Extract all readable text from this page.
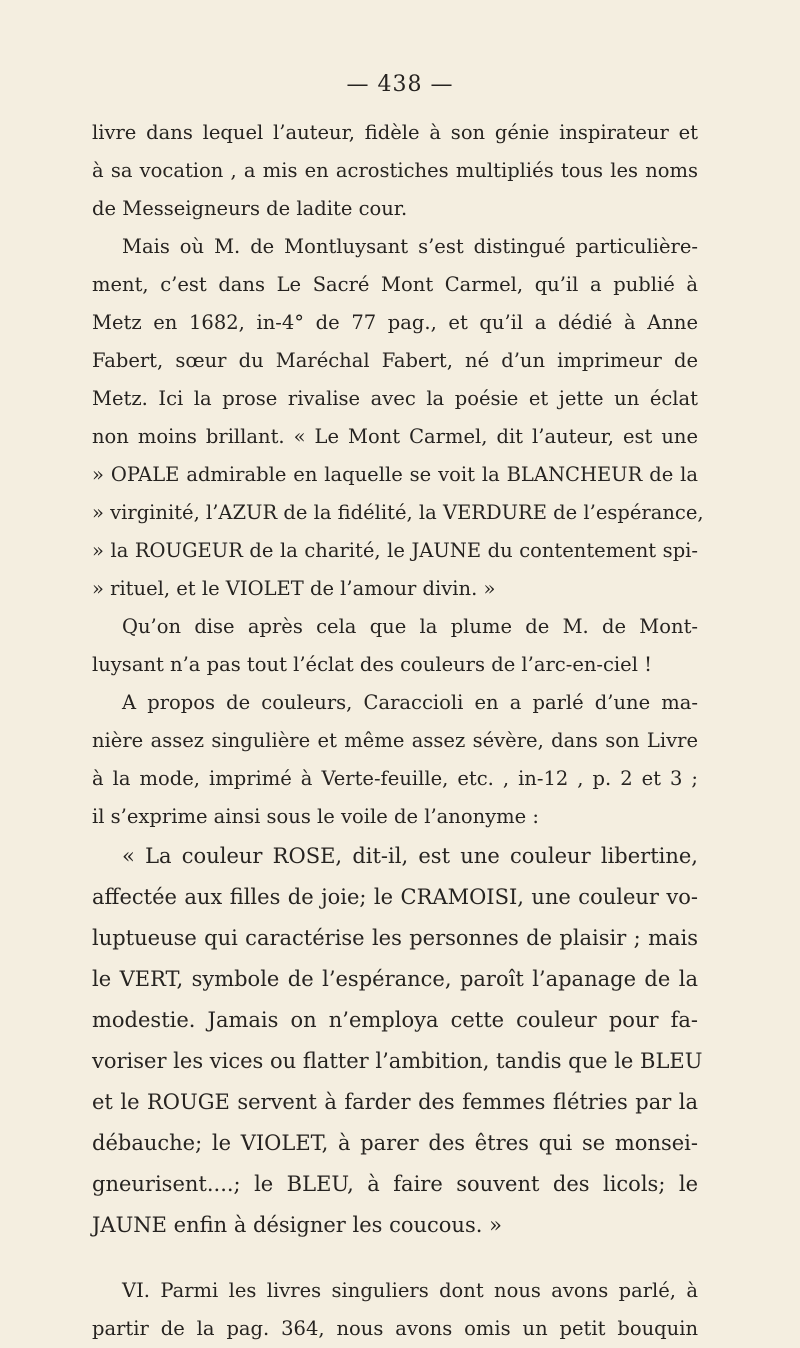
— 438 —
livre dans lequel l’auteur, fidèle à son génie inspirateur et
à sa vocation , a mis en acrostiches multipliés tous les noms
de Messeigneurs de ladite cour.
Mais où M. de Montluysant s’est distingué particulière-
ment, c’est dans Le Sacré Mont Carmel, qu’il a publié à
Metz en 1682, in-4° de 77 pag., et qu’il a dédié à Anne
Fabert, sœur du Maréchal Fabert, né d’un imprimeur de
Metz. Ici la prose rivalise avec la poésie et jette un éclat
non moins brillant. « Le Mont Carmel, dit l’auteur, est une
» OPALE admirable en laquelle se voit la BLANCHEUR de la
» virginité, l’AZUR de la fidélité, la VERDURE de l’espérance,
» la ROUGEUR de la charité, le JAUNE du contentement spi-
» rituel, et le VIOLET de l’amour divin. »
Qu’on dise après cela que la plume de M. de Mont-
luysant n’a pas tout l’éclat des couleurs de l’arc-en-ciel !
A propos de couleurs, Caraccioli en a parlé d’une ma-
nière assez singulière et même assez sévère, dans son Livre
à la mode, imprimé à Verte-feuille, etc. , in-12 , p. 2 et 3 ;
il s’exprime ainsi sous le voile de l’anonyme :
« La couleur ROSE, dit-il, est une couleur libertine,
affectée aux filles de joie; le CRAMOISI, une couleur vo-
luptueuse qui caractérise les personnes de plaisir ; mais
le VERT, symbole de l’espérance, paroît l’apanage de la
modestie. Jamais on n’employa cette couleur pour fa-
voriser les vices ou flatter l’ambition, tandis que le BLEU
et le ROUGE servent à farder des femmes flétries par la
débauche; le VIOLET, à parer des êtres qui se monsei-
gneurisent....; le BLEU, à faire souvent des licols; le
JAUNE enfin à désigner les coucous. »
VI. Parmi les livres singuliers dont nous avons parlé, à
partir de la pag. 364, nous avons omis un petit bouquin
